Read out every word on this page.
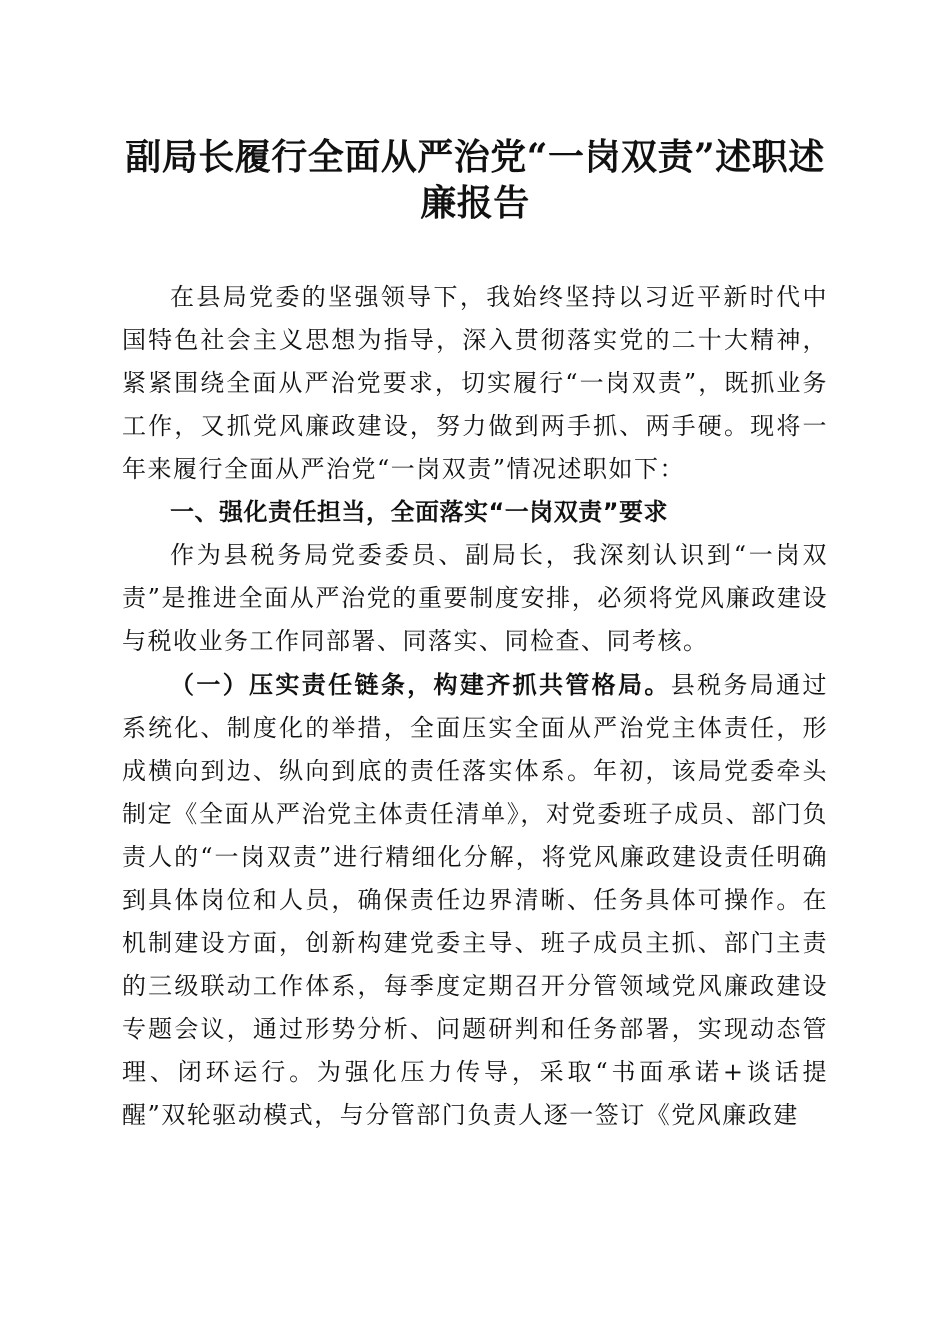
副局长履行全面从严治党“一岗双责”述职述
廉报告

在县局党委的坚强领导下，我始终坚持以习近平新时代中国特色社会主义思想为指导，深入贯彻落实党的二十大精神，紧紧围绕全面从严治党要求，切实履行“一岗双责”，既抓业务工作，又抓党风廉政建设，努力做到两手抓、两手硬。现将一年来履行全面从严治党“一岗双责”情况述职如下：

一、强化责任担当，全面落实“一岗双责”要求

作为县税务局党委委员、副局长，我深刻认识到“一岗双责”是推进全面从严治党的重要制度安排，必须将党风廉政建设与税收业务工作同部署、同落实、同检查、同考核。

（一）压实责任链条，构建齐抓共管格局。县税务局通过系统化、制度化的举措，全面压实全面从严治党主体责任，形成横向到边、纵向到底的责任落实体系。年初，该局党委牵头制定《全面从严治党主体责任清单》，对党委班子成员、部门负责人的“一岗双责”进行精细化分解，将党风廉政建设责任明确到具体岗位和人员，确保责任边界清晰、任务具体可操作。在机制建设方面，创新构建党委主导、班子成员主抓、部门主责的三级联动工作体系，每季度定期召开分管领域党风廉政建设专题会议，通过形势分析、问题研判和任务部署，实现动态管理、闭环运行。为强化压力传导，采取“书面承诺+谈话提醒”双轮驱动模式，与分管部门负责人逐一签订《党风廉政建
